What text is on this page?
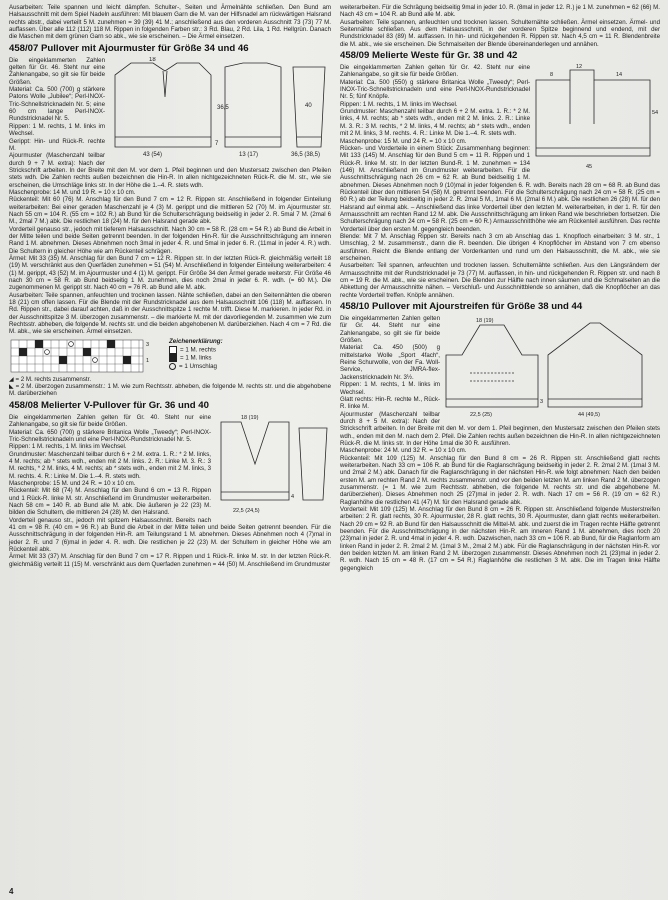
Ausarbeiten: Teile spannen und leicht dämpfen. Schulter-, Seiten und Ärmelnähte schließen. Den Bund am Halsausschnitt mit dem Spiel Nadeln ausführen: Mit blauem Garn die M. van der Hilfsnadel am rückwärtigen Halsrand rechts abstr., dabei verteilt 5 M. zunehmen = 39 (39) 41 M.; anschließend aus den vorderen Ausschnitt 73 (73) 77 M. auffassen. Über alle 112 (112) 118 M. Rippen in folgenden Farben str.: 3 Rd. Blau, 2 Rd. Lila, 1 Rd. Hellgrün. Danach die Maschen mit dem grünen Garn so abk., wie sie erscheinen. – Die Ärmel einsetzen.

458/07 Pullover mit Ajourmuster für Größe 34 und 46
18
43 (54)
36,5
13 (17)	36,5 (38,5)
40
7

Die eingeklammerten Zahlen gelten für Gr. 46. Steht nur eine Zahlenangabe, so gilt sie für beide Größen.

Material: Ca. 500 (700) g stärkere Patons Wolle „Jubilee“; Perl-INOX-Tric-Schnellstricknadeln Nr. 5; eine 60 cm lange Perl-INOX-Rundstricknadel Nr. 5.

Rippen: 1 M. rechts, 1 M. links im Wechsel.

Gerippt: Hin- und Rück-R. rechte M.

Ajourmuster (Maschenzahl teilbar durch 9 + 7 M. extra): Nach der Strickschrift arbeiten. In der Breite mit den M. vor dem 1. Pfeil beginnen und den Mustersatz zwischen den Pfeilen stets wdh. Die Zahlen rechts außen bezeichnen die Hin-R. In allen nichtgezeichneten Rück-R. die M. str., wie sie erscheinen, die Umschläge links str. In der Höhe die 1.–4. R. stets wdh.

Maschenprobe: 14 M. und 19 R. = 10 x 10 cm.

Rückenteil: Mit 60 (76) M. Anschlag für den Bund 7 cm = 12 R. Rippen str. Anschließend in folgender Einteilung weiterarbeiten: Bei einer geraden Maschenzahl je 4 (3) M. gerippt und die mittleren 52 (70) M. im Ajourmuster str. Nach 55 cm = 104 R. (55 cm = 102 R.) ab Bund für die Schulterschrägung beidseitig in jeder 2. R. 5mal 7 M. (2mal 6 M., 2mal 7 M.) abk. Die restlichen 18 (24) M. für den Halsrand gerade abk.

Vorderteil genauso str., jedoch mit tieferem Halsausschnitt. Nach 30 cm = 58 R. (28 cm = 54 R.) ab Bund die Arbeit in der Mitte teilen und beide Seiten getrennt beenden. In der folgenden Hin-R. für die Ausschnittschrägung am inneren Rand 1 M. abnehmen. Dieses Abnehmen noch 3mal in jeder 4. R. und 5mal in jeder 6. R. (11mal in jeder 4. R.) wdh. Die Schultern in gleicher Höhe wie am Rückenteil schrägen.

Ärmel: Mit 33 (35) M. Anschlag für den Bund 7 cm = 12 R. Rippen str. In der letzten Rück-R. gleichmäßig verteilt 18 (19) M. verschränkt aus den Querfäden zunehmen = 51 (54) M. Anschließend in folgender Einteilung weiterarbeiten: 4 (1) M. gerippt, 43 (52) M. im Ajourmuster und 4 (1) M. gerippt. Für Größe 34 den Ärmel gerade weiterstr. Für Größe 46 nach 30 cm = 58 R. ab Bund beidseitig 1 M. zunehmen, dies noch 2mal in jeder 6. R. wdh. (= 60 M.). Die zugenommenen M. gerippt str. Nach 40 cm = 76 R. ab Bund alle M. abk.

Ausarbeiten: Teile spannen, anfeuchten und trocknen lassen. Nähte schließen, dabei an den Seitennähten die oberen 18 (21) cm offen lassen. Für die Blende mit der Rundstricknadel aus dem Halsausschnitt 106 (118) M. auffassen. In Rd. Rippen str., dabei darauf achten, daß in der Ausschnittspitze 1 rechte M. trifft. Diese M. markieren. In jeder Rd. in der Ausschnittspitze 3 M. überzogen zusammenstr. – die markierte M. mit der davorliegenden M. zusammen wie zum Rechtsstr. abheben, die folgende M. rechts str. und die beiden abgehobenen M. darüberziehen. Nach 4 cm = 7 Rd. die M. abk., wie sie erscheinen. Ärmel einsetzen.

3
1
Zeichenerklärung:
= 1 M. rechts
= 1 M. links
= 1 Umschlag

◢ = 2 M. rechts zusammenstr.

◣ = 2 M. überzogen zusammenstr.: 1 M. wie zum Rechtsstr. abheben, die folgende M. rechts str. und die abgehobene M. darüberziehen

458/08 Melierter V-Pullover für Gr. 36 und 40
22,5 (24,5)
18 (19)
4

Die eingeklammerten Zahlen gelten für Gr. 40. Steht nur eine Zahlenangabe, so gilt sie für beide Größen.

Material: Ca. 650 (700) g stärkere Britanica Wolle „Tweedy“; Perl-INOX-Tric-Schnellstricknadeln und eine Perl-INOX-Rundstricknadel Nr. 5.

Rippen: 1 M. rechts, 1 M. links im Wechsel.

Grundmuster: Maschenzahl teilbar durch 6 + 2 M. extra. 1. R.: * 2 M. links, 4 M. rechts; ab * stets wdh., enden mit 2 M. links. 2. R.: Linke M. 3. R.: 3 M. rechts, * 2 M. links, 4 M. rechts; ab * stets wdh., enden mit 2 M. links, 3 M. rechts. 4. R.: Linke M. Die 1.–4. R. stets wdh.

Maschenprobe: 15 M. und 24 R. = 10 x 10 cm.

Rückenteil: Mit 68 (74) M. Anschlag für den Bund 6 cm = 13 R. Rippen und 1 Rück-R. linke M. str. Anschließend im Grundmuster weiterarbeiten. Nach 58 cm = 140 R. ab Bund alle M. abk. Die äußeren je 22 (23) M. bilden die Schultern, die mittleren 24 (28) M. den Halsrand.

Vorderteil genauso str., jedoch mit spitzem Halsausschnitt. Bereits nach 41 cm = 98 R. (40 cm = 96 R.) ab Bund die Arbeit in der Mitte teilen und beide Seiten getrennt beenden. Für die Ausschnittschrägung in der folgenden Hin-R. am Teilungsrand 1 M. abnehmen. Dieses Abnehmen noch 4 (7)mal in jeder 2. R. und 7 (6)mal in jeder 4. R. wdh. Die restlichen je 22 (23) M. der Schultern in gleicher Höhe wie am Rückenteil abk.

Ärmel: Mit 33 (37) M. Anschlag für den Bund 7 cm = 17 R. Rippen und 1 Rück-R. linke M. str. In der letzten Rück-R. gleichmäßig verteilt 11 (15) M. verschränkt aus dem Querfaden zunehmen = 44 (50) M. Anschließend im Grundmuster

weiterarbeiten. Für die Schrägung beidseitig 9mal in jeder 10. R. (8mal in jeder 12. R.) je 1 M. zunehmen = 62 (66) M. Nach 43 cm = 104 R. ab Bund alle M. abk.

Ausarbeiten: Teile spannen, anfeuchten und trocknen lassen. Schulternähte schließen. Ärmel einsetzen. Ärmel- und Seitennähte schließen. Aus dem Halsausschnitt, in der vorderen Spitze beginnend und endend, mit der Rundstricknadel 83 (89) M. auffassen. In hin- und rückgehenden R. Rippen str. Nach 4,5 cm = 11 R. Blendenbreite die M. abk., wie sie erscheinen. Die Schmalseiten der Blende übereinanderlegen und annähen.

458/09 Melierte Weste für Gr. 38 und 42
8
12
14
54
45

Die eingeklammerten Zahlen gelten für Gr. 42. Steht nur eine Zahlenangabe, so gilt sie für beide Größen.

Material: Ca. 500 (550) g stärkere Britanica Wolle „Tweedy“; Perl-INOX-Tric-Schnellstricknadeln und eine Perl-INOX-Rundstricknadel Nr. 5; fünf Knöpfe.

Rippen: 1 M. rechts, 1 M. links im Wechsel.

Grundmuster: Maschenzahl teilbar durch 6 + 2 M. extra. 1. R.: * 2 M. links, 4 M. rechts; ab * stets wdh., enden mit 2 M. links. 2. R.: Linke M. 3. R.: 3 M. rechts, * 2 M. links, 4 M. rechts; ab * stets wdh., enden mit 2 M. links, 3 M. rechts. 4. R.: Linke M. Die 1.–4. R. stets wdh.

Maschenprobe: 15 M. und 24 R. = 10 x 10 cm.

Rücken- und Vorderteile in einem Stück: Zusammenhang beginnen: Mit 133 (145) M. Anschlag für den Bund 5 cm = 11 R. Rippen und 1 Rück-R. linke M. str. In der letzten Bund-R. 1 M. zunehmen = 134 (146) M. Anschließend im Grundmuster weiterarbeiten. Für die Ausschnittschrägung nach 26 cm = 62 R. ab Bund beidseitig 1 M. abnehmen. Dieses Abnehmen noch 9 (10)mal in jeder folgenden 6. R. wdh. Bereits nach 28 cm = 68 R. ab Bund das Rückenteil über den mittleren 54 (58) M. getrennt beenden. Für die Schulterschrägung nach 24 cm = 58 R. (25 cm = 60 R.) ab der Teilung beidseitig in jeder 2. R. 2mal 5 M., 1mal 6 M. (2mal 6 M.) abk. Die restlichen 26 (28) M. für den Halsrand auf einmal abk. – Anschließend das linke Vorderteil über den letzten M. weiterarbeiten, in der 1. R. für den Armausschnitt am rechten Rand 12 M. abk. Die Ausschnittschrägung am linken Rand wie beschrieben fortsetzen. Die Schulterschrägung nach 24 cm = 58 R. (25 cm = 60 R.) Armausschnitthöhe wie am Rückenteil ausführen. Das rechte Vorderteil über den ersten M. gegengleich beenden.

Blende: Mit 7 M. Anschlag Rippen str. Bereits nach 3 cm ab Anschlag das 1. Knopfloch einarbeiten: 3 M. str., 1 Umschlag, 2 M. zusammenstr., dann die R. beenden. Die übrigen 4 Knopflöcher im Abstand von 7 cm ebenso ausführen. Reicht die Blende entlang der Vorderkanten und rund um den Halsausschnitt, die M. abk., wie sie erscheinen.

Ausarbeiten: Teil spannen, anfeuchten und trocknen lassen. Schulternähte schließen. Aus den Längsrändern der Armausschnitte mit der Rundstricknadel je 73 (77) M. auffassen, in hin- und rückgehenden R. Rippen str. und nach 8 cm = 19 R. die M. abk., wie sie erscheinen. Die Blenden zur Hälfte nach innen säumen und die Schmalseiten an die Abkettung der Armausschnitte nähen. – Verschluß- und Ausschnittblende so annähen, daß die Knopflöcher an das rechte Vorderteil treffen. Knöpfe annähen.

458/10 Pullover mit Ajourstreifen für Größe 38 und 44
22,5 (25)
18 (19)
44 (49,5)
3

Die eingeklammerten Zahlen gelten für Gr. 44. Steht nur eine Zahlenangabe, so gilt sie für beide Größen.

Material: Ca. 450 (500) g mittelstarke Wolle „Sport 4fach“, Reine Schurwolle, von der Fa. Woll-Service, JMRA-flex-Jackenstricknadeln Nr. 3½.

Rippen: 1 M. rechts, 1 M. links im Wechsel.

Glatt rechts: Hin-R. rechte M., Rück-R. linke M.

Ajourmuster (Maschenzahl teilbar durch 8 + 5 M. extra): Nach der Strickschrift arbeiten. In der Breite mit den M. vor dem 1. Pfeil beginnen, den Mustersatz zwischen den Pfeilen stets wdh., enden mit den M. nach dem 2. Pfeil. Die Zahlen rechts außen bezeichnen die Hin-R. In allen nichtgezeichneten Rück-R. die M. links str. In der Höhe 1mal die 30 R. ausführen.

Maschenprobe: 24 M. und 32 R. = 10 x 10 cm.

Rückenteil: Mit 109 (125) M. Anschlag für den Bund 8 cm = 26 R. Rippen str. Anschließend glatt rechts weiterarbeiten. Nach 33 cm = 106 R. ab Bund für die Raglanschrägung beidseitig in jeder 2. R. 2mal 2 M. (1mal 3 M. und 2mal 2 M.) abk. Danach für die Raglanschrägung in der nächsten Hin-R. wie folgt abnehmen: Nach den beiden ersten M. am rechten Rand 2 M. rechts zusammenstr. und vor den beiden letzten M. am linken Rand 2 M. überzogen zusammenstr. (= 1 M. wie zum Rechtsstr. abheben, die folgende M. rechts str. und die abgehobene M. darüberziehen). Dieses Abnehmen noch 25 (27)mal in jeder 2. R. wdh. Nach 17 cm = 56 R. (19 cm = 62 R.) Raglanhöhe die restlichen 41 (47) M. für den Halsrand gerade abk.

Vorderteil: Mit 109 (125) M. Anschlag für den Bund 8 cm = 26 R. Rippen str. Anschließend folgende Musterstreifen arbeiten: 2 R. glatt rechts, 30 R. Ajourmuster, 28 R. glatt rechts, 30 R. Ajourmuster, dann glatt rechts weiterarbeiten. Nach 29 cm = 92 R. ab Bund für den Halsausschnitt die Mittel-M. abk. und zuerst die im Tragen rechte Hälfte getrennt beenden. Für die Ausschnittschrägung in der nächsten Hin-R. am inneren Rand 1 M. abnehmen, dies noch 20 (23)mal in jeder 2. R. und 4mal in jeder 4. R. wdh. Dazwischen, nach 33 cm = 106 R. ab Bund, für die Raglanform am linken Rand in jeder 2. R. 2mal 2 M. (1mal 3 M., 2mal 2 M.) abk. Für die Raglanschrägung in der nächsten Hin-R. vor den beiden letzten M. am linken Rand 2 M. überzogen zusammenstr. Dieses Abnehmen noch 21 (23)mal in jeder 2. R. wdh. Nach 15 cm = 48 R. (17 cm = 54 R.) Raglanhöhe die restlichen 3 M. abk. Die im Tragen linke Hälfte gegengleich

4
